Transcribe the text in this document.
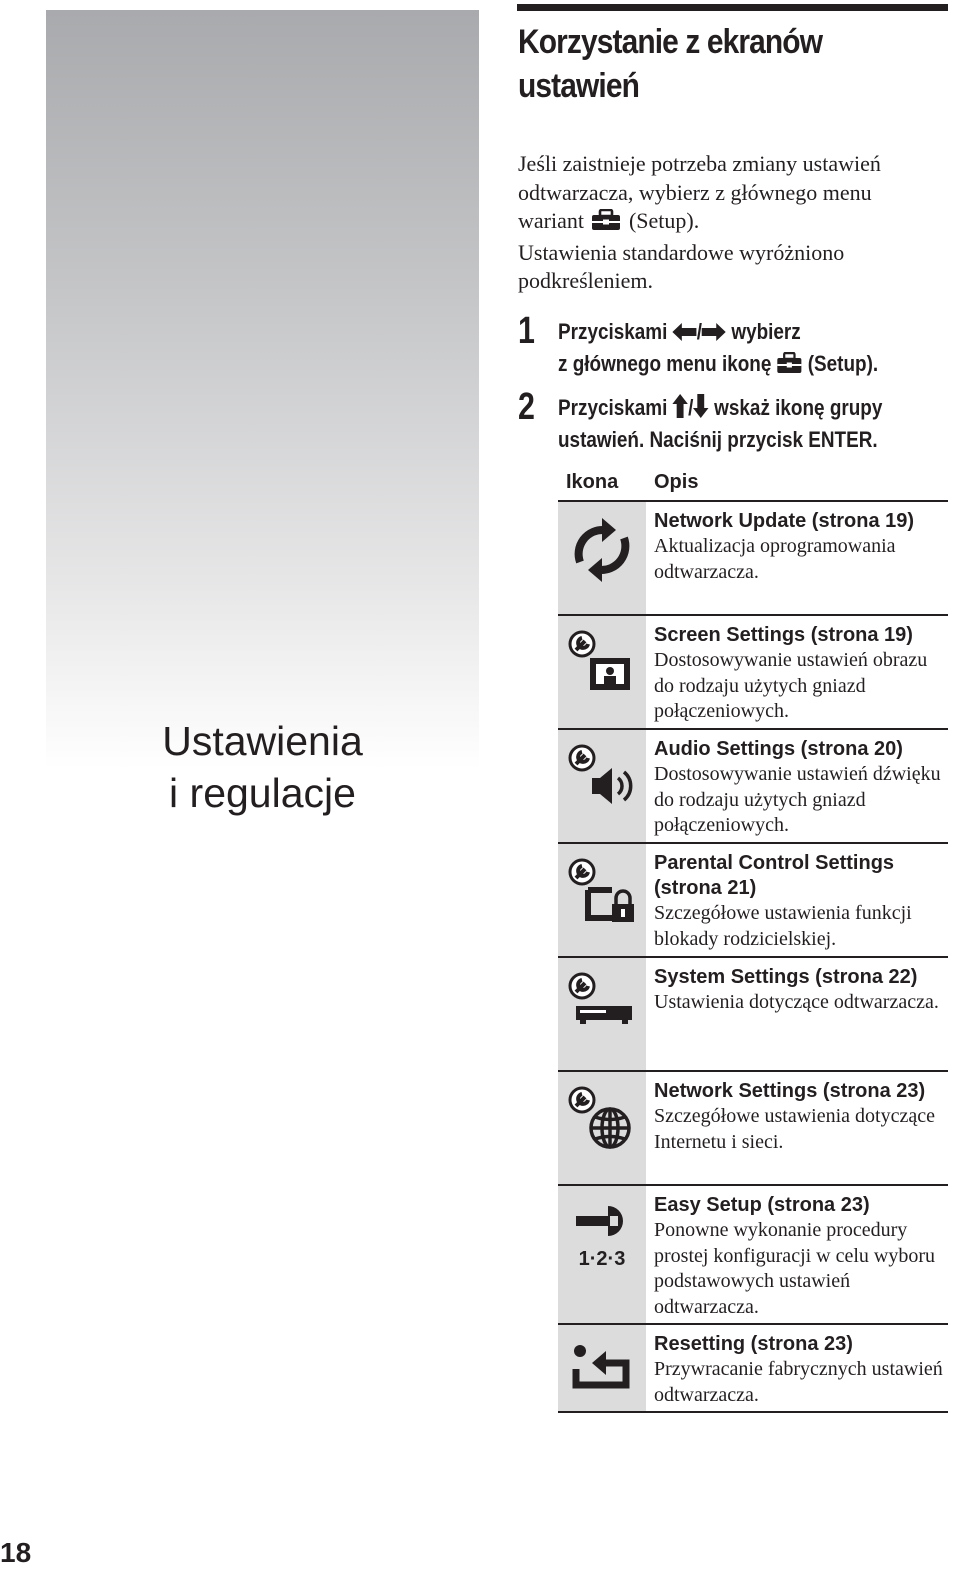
Ustawienia
i regulacje
Korzystanie z ekranów
ustawień
Jeśli zaistnieje potrzeba zmiany ustawień
odtwarzacza, wybierz z głównego menu
wariant (Setup).
Ustawienia standardowe wyróżniono
podkreśleniem.
1 Przyciskami / wybierz
z głównego menu ikonę (Setup).
2 Przyciskami / wskaż ikonę grupy
ustawień. Naciśnij przycisk ENTER.
Ikona Opis
Network Update (strona 19)
Aktualizacja oprogramowania odtwarzacza.
Screen Settings (strona 19)
Dostosowywanie ustawień obrazu do rodzaju użytych gniazd połączeniowych.
Audio Settings (strona 20)
Dostosowywanie ustawień dźwięku do rodzaju użytych gniazd połączeniowych.
Parental Control Settings (strona 21)
Szczegółowe ustawienia funkcji blokady rodzicielskiej.
System Settings (strona 22)
Ustawienia dotyczące odtwarzacza.
Network Settings (strona 23)
Szczegółowe ustawienia dotyczące Internetu i sieci.
1·2·3
Easy Setup (strona 23)
Ponowne wykonanie procedury prostej konfiguracji w celu wyboru podstawowych ustawień odtwarzacza.
Resetting (strona 23)
Przywracanie fabrycznych ustawień odtwarzacza.
18
